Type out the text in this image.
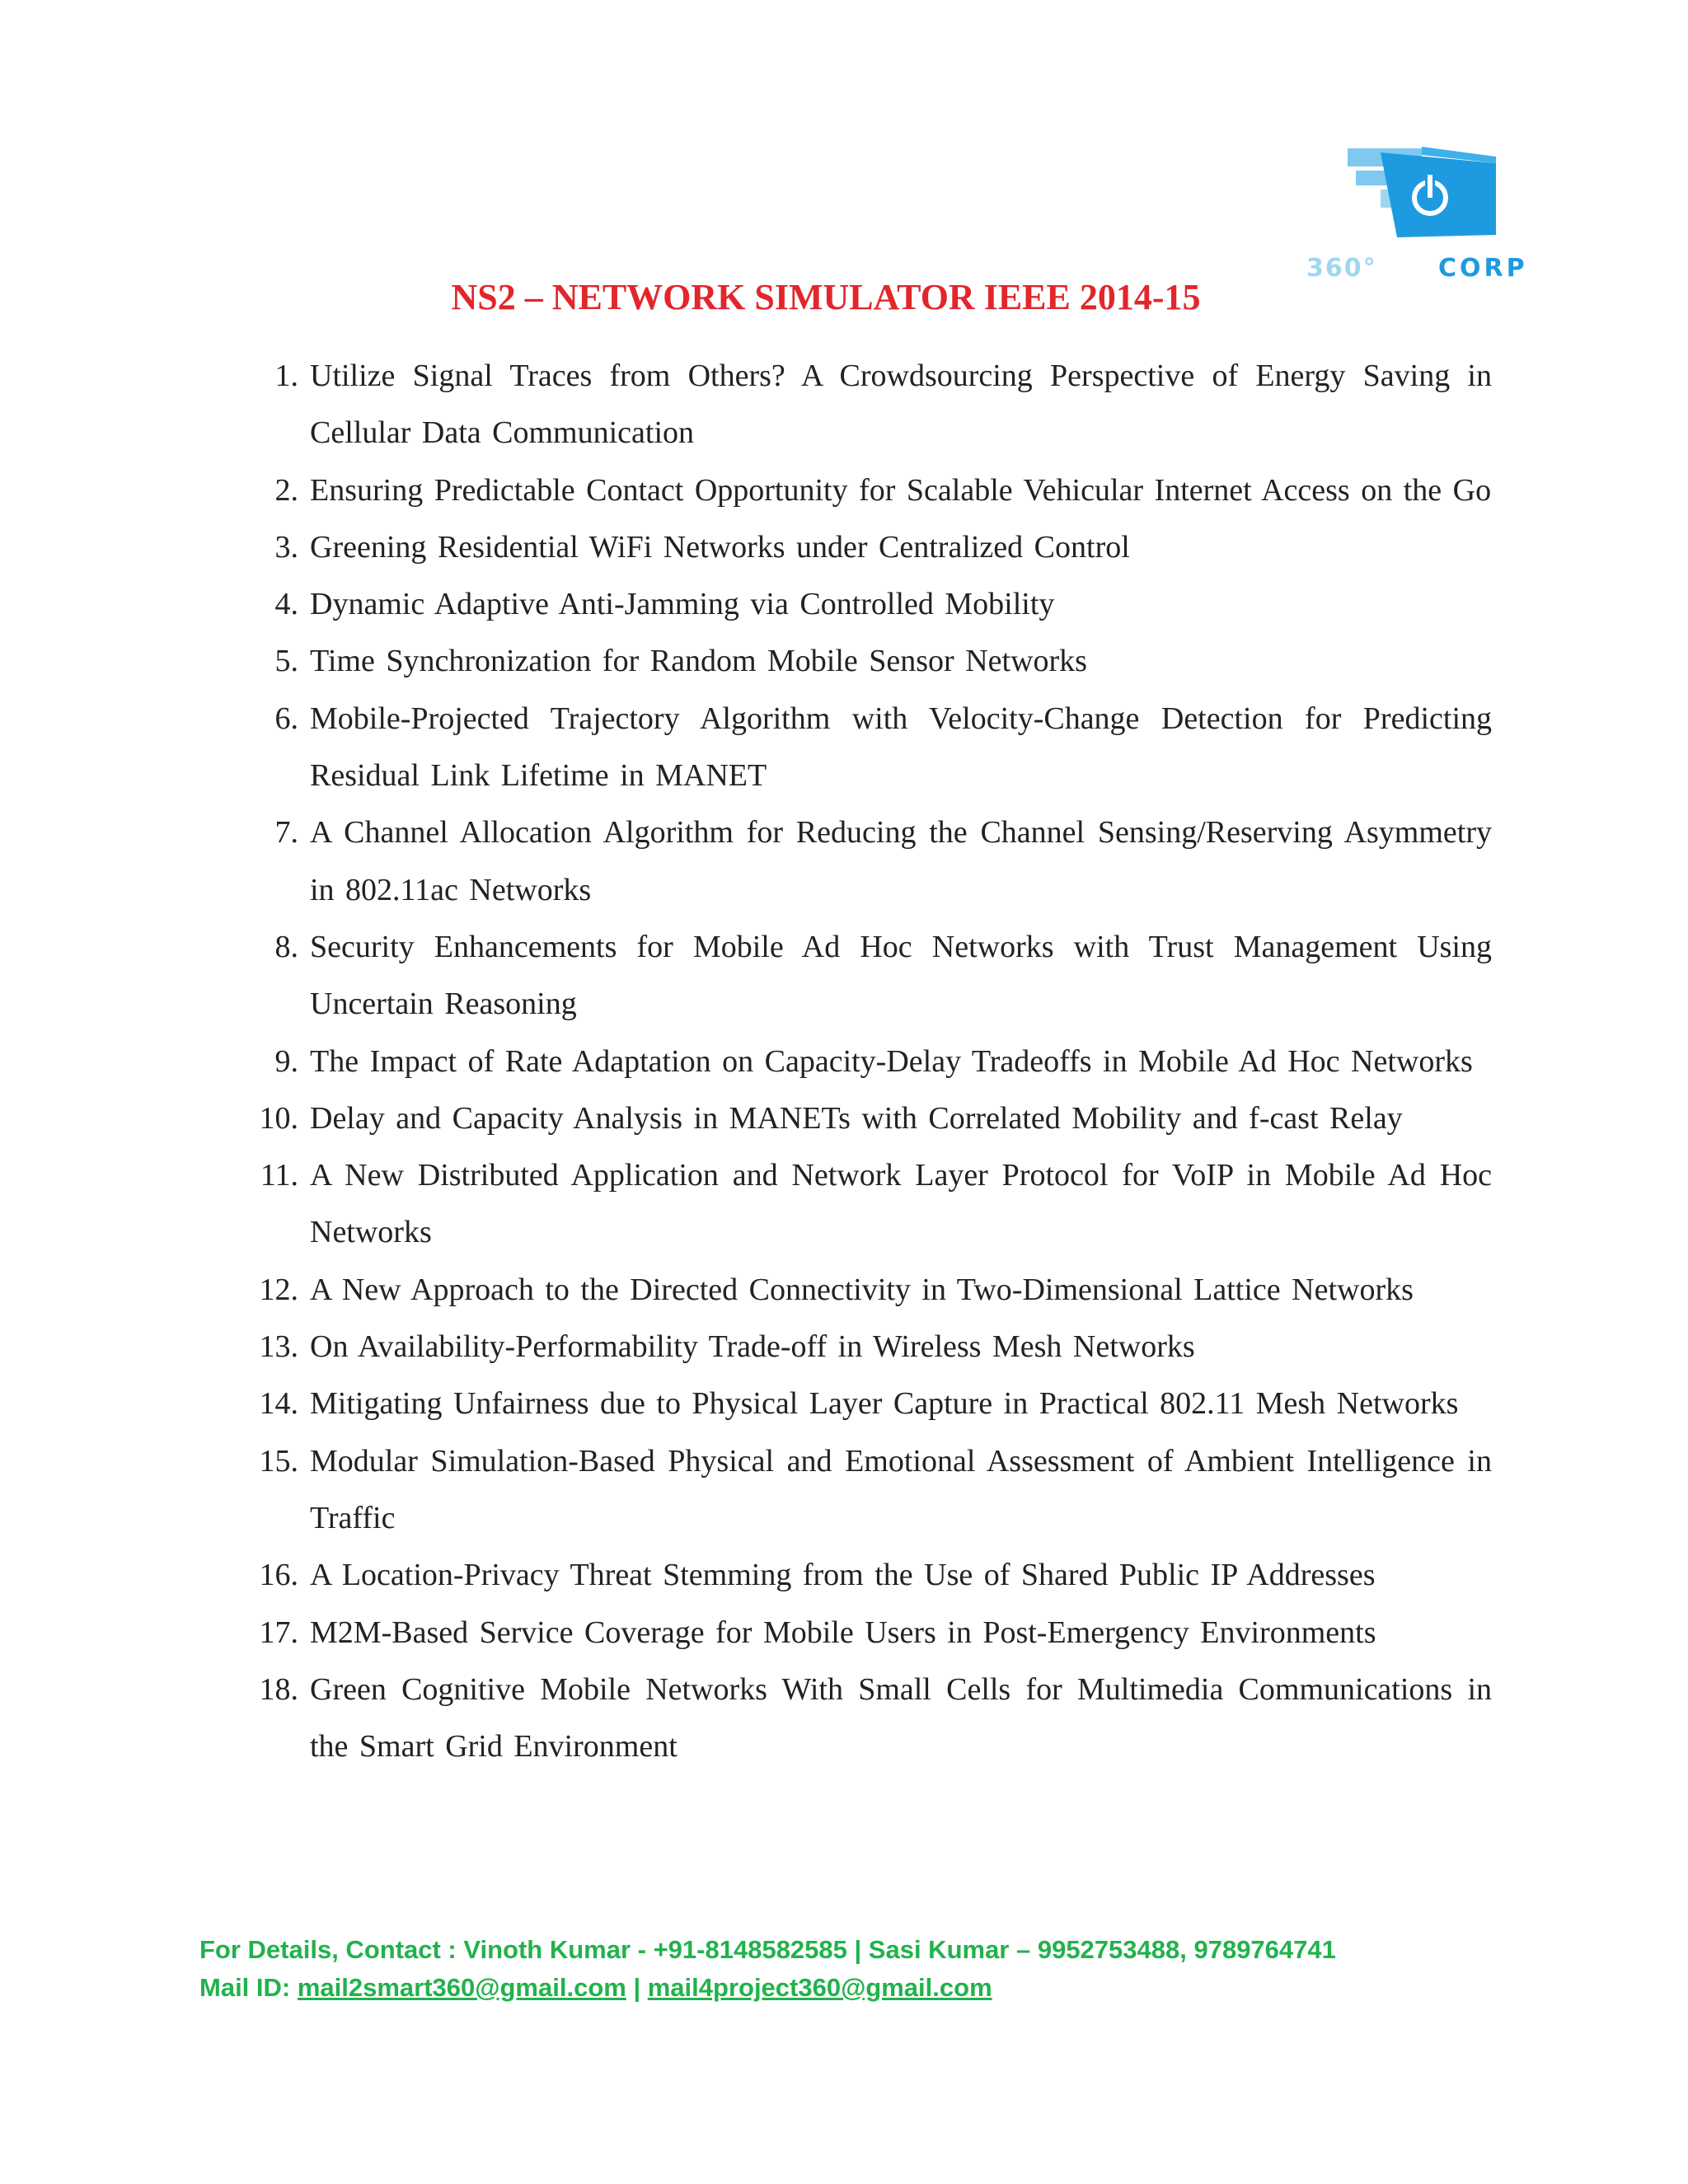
360° CORP
NS2 – NETWORK SIMULATOR IEEE 2014-15
1. Utilize Signal Traces from Others? A Crowdsourcing Perspective of Energy Saving in Cellular Data Communication
2. Ensuring Predictable Contact Opportunity for Scalable Vehicular Internet Access on the Go
3. Greening Residential WiFi Networks under Centralized Control
4. Dynamic Adaptive Anti-Jamming via Controlled Mobility
5. Time Synchronization for Random Mobile Sensor Networks
6. Mobile-Projected Trajectory Algorithm with Velocity-Change Detection for Predicting Residual Link Lifetime in MANET
7. A Channel Allocation Algorithm for Reducing the Channel Sensing/Reserving Asymmetry in 802.11ac Networks
8. Security Enhancements for Mobile Ad Hoc Networks with Trust Management Using Uncertain Reasoning
9. The Impact of Rate Adaptation on Capacity-Delay Tradeoffs in Mobile Ad Hoc Networks
10. Delay and Capacity Analysis in MANETs with Correlated Mobility and f-cast Relay
11. A New Distributed Application and Network Layer Protocol for VoIP in Mobile Ad Hoc Networks
12. A New Approach to the Directed Connectivity in Two-Dimensional Lattice Networks
13. On Availability-Performability Trade-off in Wireless Mesh Networks
14. Mitigating Unfairness due to Physical Layer Capture in Practical 802.11 Mesh Networks
15. Modular Simulation-Based Physical and Emotional Assessment of Ambient Intelligence in Traffic
16. A Location-Privacy Threat Stemming from the Use of Shared Public IP Addresses
17. M2M-Based Service Coverage for Mobile Users in Post-Emergency Environments
18. Green Cognitive Mobile Networks With Small Cells for Multimedia Communications in the Smart Grid Environment
For Details, Contact : Vinoth Kumar - +91-8148582585 | Sasi Kumar – 9952753488, 9789764741
Mail ID: mail2smart360@gmail.com | mail4project360@gmail.com
